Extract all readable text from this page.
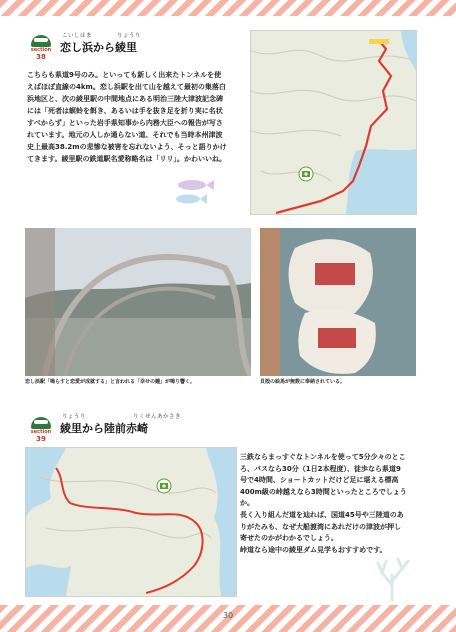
section
38
こいしはま	りょうり
恋し浜から綾里
こちらも県道9号のみ。といっても新しく出来たトンネルを使
えばほぼ直線の4km。恋し浜駅を出て山を越えて最初の集落白
浜地区と、次の綾里駅の中間地点にある明治三陸大津波記念碑
には「死者は螟蛉を餌き、あるいは手を抜き足を折り実に名状
すべからず」といった岩手県知事から内務大臣への報告が写さ
れています。地元の人しか通らない道、それでも当時本州津波
史上最高38.2mの悲惨な被害を忘れないよう、そっと語りかけ
てきます。綾里駅の鉄道駅名愛称略名は「リリ」。かわいいね。
恋し浜駅「鳴らすと恋愛が成就する」と言われる「幸せの鐘」が鳴り響く。	貝殻の絵馬が無数に奉納されている。
section
39
りょうり	りくぜんあかさき
綾里から陸前赤崎
三鉄ならまっすぐなトンネルを使って5分少々のとこ
ろ、バスなら30分（1日2本程度）、徒歩なら県道9
号で4時間、ショートカットだけど足に堪える標高
400m級の峠越えなら3時間といったところでしょう
か。
長く入り組んだ道を辿れば、国道45号や三陸道のあ
りがたみも、なぜ大船渡湾にあれだけの津波が押し
寄せたのかがわかるでしょう。
峠道なら途中の綾里ダム見学もおすすめです。
30
